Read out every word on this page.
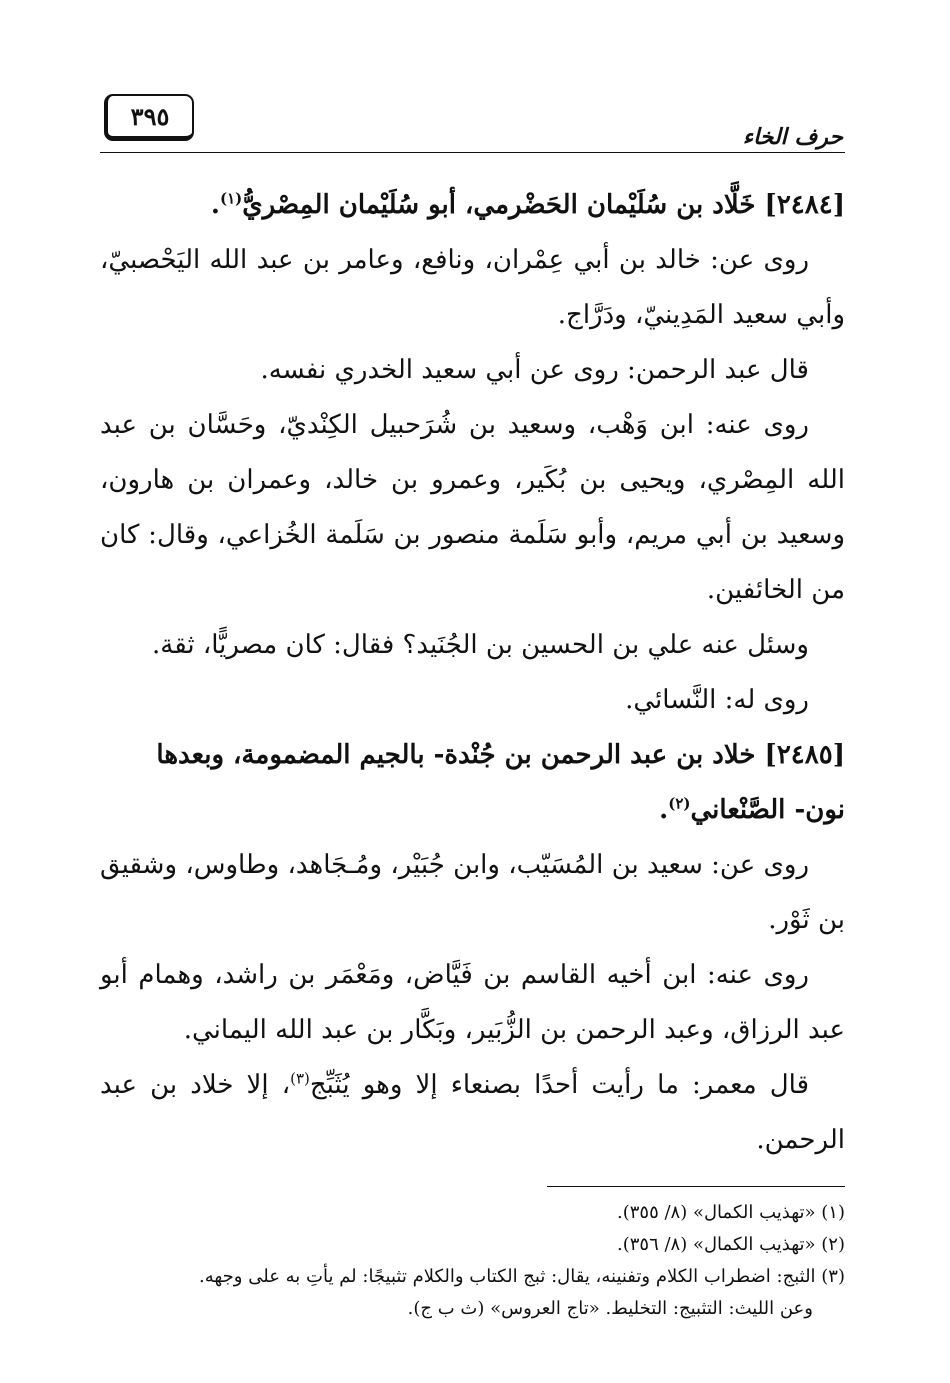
حرف الخاء
٣٩٥
[٢٤٨٤] خَلَّاد بن سُلَيْمان الحَضْرمي، أبو سُلَيْمان المِصْريُّ$^{(١)}$.
روى عن: خالد بن أبي عِمْران، ونافع، وعامر بن عبد الله اليَحْصبيّ، وأبي سعيد المَدِينيّ، ودَرَّاج.
قال عبد الرحمن: روى عن أبي سعيد الخدري نفسه.
روى عنه: ابن وَهْب، وسعيد بن شُرَحبيل الكِنْديّ، وحَسَّان بن عبد الله المِصْري، ويحيى بن بُكَير، وعمرو بن خالد، وعمران بن هارون، وسعيد بن أبي مريم، وأبو سَلَمة منصور بن سَلَمة الخُزاعي، وقال: كان من الخائفين.
وسئل عنه علي بن الحسين بن الجُنَيد؟ فقال: كان مصريًّا، ثقة.
روى له: النَّسائي.
[٢٤٨٥] خلاد بن عبد الرحمن بن جُنْدة- بالجيم المضمومة، وبعدها نون- الصَّنْعاني$^{(٢)}$.
روى عن: سعيد بن المُسَيّب، وابن جُبَيْر، ومُـجَاهد، وطاوس، وشقيق بن ثَوْر.
روى عنه: ابن أخيه القاسم بن فَيَّاض، ومَعْمَر بن راشد، وهمام أبو عبد الرزاق، وعبد الرحمن بن الزُّبَير، وبَكَّار بن عبد الله اليماني.
قال معمر: ما رأيت أحدًا بصنعاء إلا وهو يُثَبِّج$^{(٣)}$، إلا خلاد بن عبد الرحمن.
(١) «تهذيب الكمال» (٨/ ٣٥٥).
(٢) «تهذيب الكمال» (٨/ ٣٥٦).
(٣) الثبج: اضطراب الكلام وتفنينه، يقال: ثبج الكتاب والكلام تثبيجًا: لم يأتِ به على وجهه.
وعن الليث: التثبيج: التخليط. «تاج العروس» (ث ب ج).
